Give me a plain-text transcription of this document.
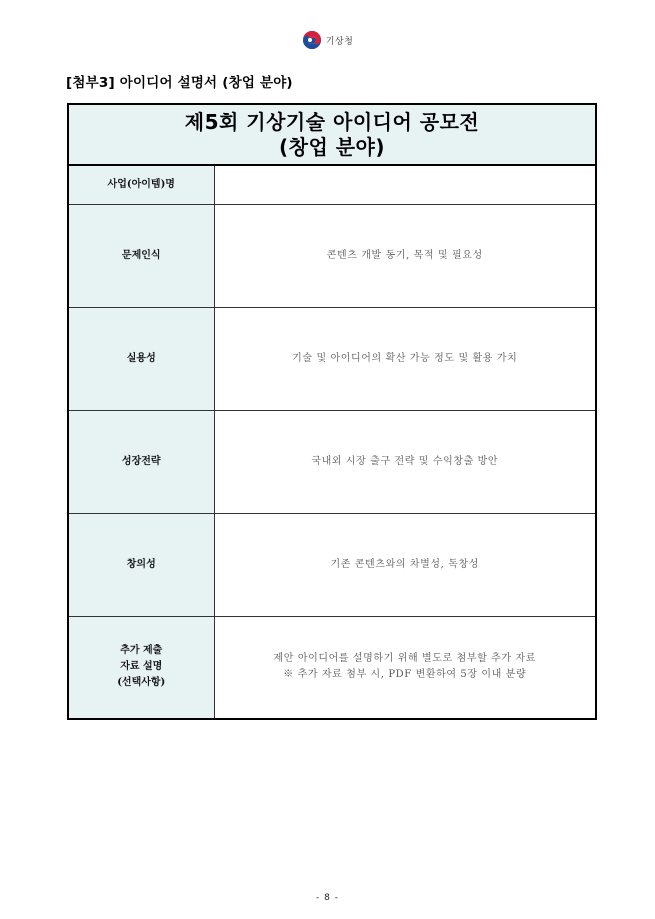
기상청
[첨부3] 아이디어 설명서 (창업 분야)
제5회 기상기술 아이디어 공모전
(창업 분야)	

사업(아이템)명	

문제인식	콘텐츠 개발 동기, 목적 및 필요성

실용성	기술 및 아이디어의 확산 가능 정도 및 활용 가치

성장전략	국내외 시장 출구 전략 및 수익창출 방안

창의성	기존 콘텐츠와의 차별성, 독창성

추가 제출
자료 설명
(선택사항)	제안 아이디어를 설명하기 위해 별도로 첨부할 추가 자료
※ 추가 자료 첨부 시, PDF 변환하여 5장 이내 분량
- 8 -
